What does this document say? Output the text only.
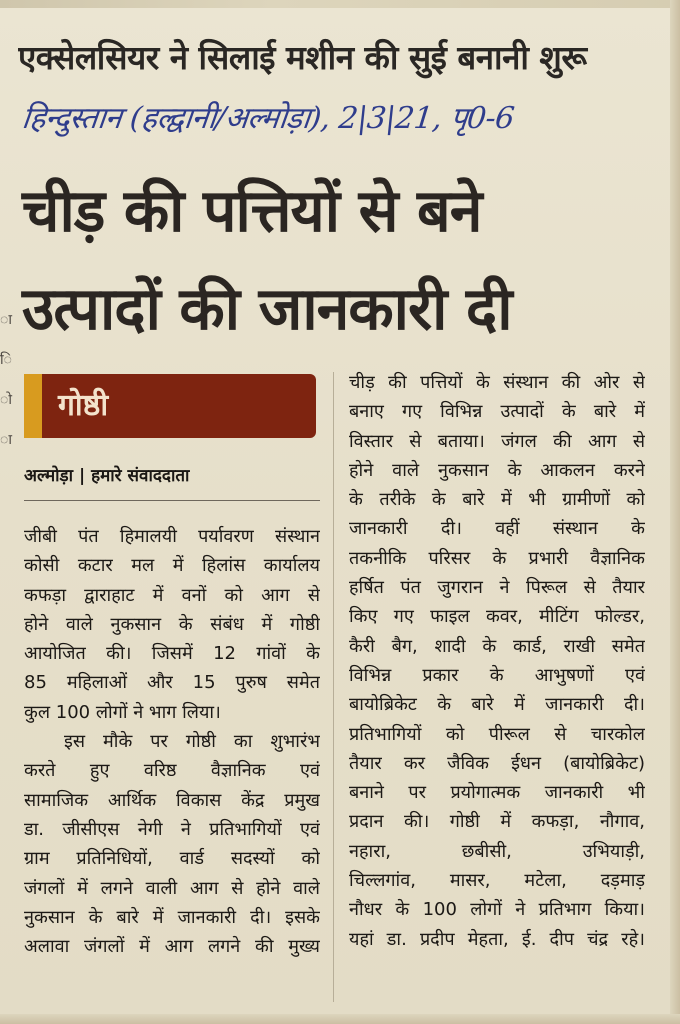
ा
ि
ो
ा
एक्सेलसियर ने सिलाई मशीन की सुई बनानी शुरू
हिन्दुस्तान (हल्द्वानी/अल्मोड़ा), 2|3|21, पृ0-6
चीड़ की पत्तियों से बने
उत्पादों की जानकारी दी
गोष्ठी
अल्मोड़ा | हमारे संवाददाता

जीबी पंत हिमालयी पर्यावरण संस्थान

कोसी कटार मल में हिलांस कार्यालय

कफड़ा द्वाराहाट में वनों को आग से

होने वाले नुकसान के संबंध में गोष्ठी

आयोजित की। जिसमें 12 गांवों के

85 महिलाओं और 15 पुरुष समेत

कुल 100 लोगों ने भाग लिया।

इस मौके पर गोष्ठी का शुभारंभ

करते हुए वरिष्ठ वैज्ञानिक एवं

सामाजिक आर्थिक विकास केंद्र प्रमुख

डा. जीसीएस नेगी ने प्रतिभागियों एवं

ग्राम प्रतिनिधियों, वार्ड सदस्यों को

जंगलों में लगने वाली आग से होने वाले

नुकसान के बारे में जानकारी दी। इसके

अलावा जंगलों में आग लगने की मुख्य

चीड़ की पत्तियों के संस्थान की ओर से

बनाए गए विभिन्न उत्पादों के बारे में

विस्तार से बताया। जंगल की आग से

होने वाले नुकसान के आकलन करने

के तरीके के बारे में भी ग्रामीणों को

जानकारी दी। वहीं संस्थान के

तकनीकि परिसर के प्रभारी वैज्ञानिक

हर्षित पंत जुगरान ने पिरूल से तैयार

किए गए फाइल कवर, मीटिंग फोल्डर,

कैरी बैग, शादी के कार्ड, राखी समेत

विभिन्न प्रकार के आभुषणों एवं

बायोब्रिकेट के बारे में जानकारी दी।

प्रतिभागियों को पीरूल से चारकोल

तैयार कर जैविक ईधन (बायोब्रिकेट)

बनाने पर प्रयोगात्मक जानकारी भी

प्रदान की। गोष्ठी में कफड़ा, नौगाव,

नहारा, छबीसी, उभियाड़ी,

चिल्लगांव, मासर, मटेला, दड़माड़

नौधर के 100 लोगों ने प्रतिभाग किया।

यहां डा. प्रदीप मेहता, ई. दीप चंद्र रहे।
